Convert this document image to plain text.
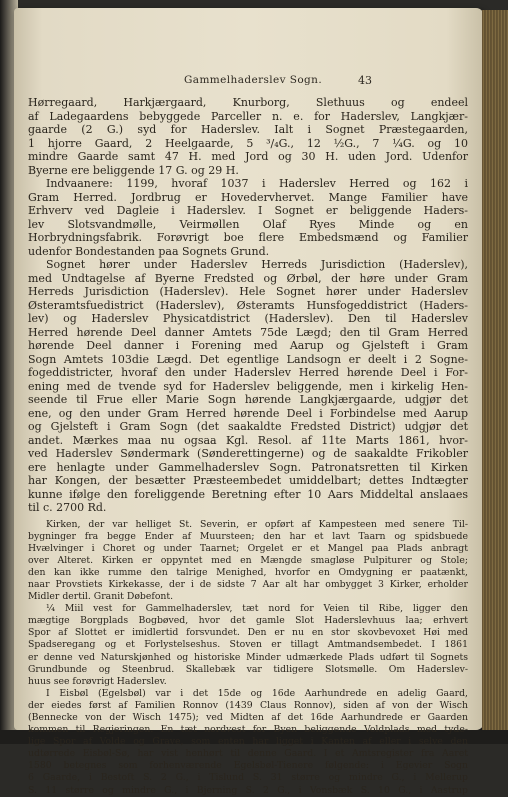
Gammelhaderslev Sogn.	43
Hørregaard, Harkjærgaard, Knurborg, Slethuus og endeel
af Ladegaardens bebyggede Parceller n. e. for Haderslev, Langkjær-
gaarde (2 G.) syd for Haderslev. Ialt i Sognet Præstegaarden,
1 hjorre Gaard, 2 Heelgaarde, 5 ³/₄G., 12 ½G., 7 ¼G. og 10
mindre Gaarde samt 47 H. med Jord og 30 H. uden Jord. Udenfor
Byerne ere beliggende 17 G. og 29 H.
Indvaanere: 1199, hvoraf 1037 i Haderslev Herred og 162 i
Gram Herred. Jordbrug er Hovedervhervet. Mange Familier have
Erhverv ved Dagleie i Haderslev. I Sognet er beliggende Haders-
lev Slotsvandmølle, Veirmøllen Olaf Ryes Minde og en
Horbrydningsfabrik. Forøvrigt boe flere Embedsmænd og Familier
udenfor Bondestanden paa Sognets Grund.
Sognet hører under Haderslev Herreds Jurisdiction (Haderslev),
med Undtagelse af Byerne Fredsted og Ørbøl, der høre under Gram
Herreds Jurisdiction (Haderslev). Hele Sognet hører under Haderslev
Østeramtsfuedistrict (Haderslev), Østeramts Hunsfogeddistrict (Haders-
lev) og Haderslev Physicatdistrict (Haderslev). Den til Haderslev
Herred hørende Deel danner Amtets 75de Lægd; den til Gram Herred
hørende Deel danner i Forening med Aarup og Gjelsteft i Gram
Sogn Amtets 103die Lægd. Det egentlige Landsogn er deelt i 2 Sogne-
fogeddistricter, hvoraf den under Haderslev Herred hørende Deel i For-
ening med de tvende syd for Haderslev beliggende, men i kirkelig Hen-
seende til Frue eller Marie Sogn hørende Langkjærgaarde, udgjør det
ene, og den under Gram Herred hørende Deel i Forbindelse med Aarup
og Gjelsteft i Gram Sogn (det saakaldte Fredsted District) udgjør det
andet. Mærkes maa nu ogsaa Kgl. Resol. af 11te Marts 1861, hvor-
ved Haderslev Søndermark (Sønderettingerne) og de saakaldte Frikobler
ere henlagte under Gammelhaderslev Sogn. Patronatsretten til Kirken
har Kongen, der besætter Præsteembedet umiddelbart; dettes Indtægter
kunne ifølge den foreliggende Beretning efter 10 Aars Middeltal anslaaes
til c. 2700 Rd.
Kirken, der var helliget St. Severin, er opført af Kampesteen med senere Til-
bygninger fra begge Ender af Muursteen; den har et lavt Taarn og spidsbuede
Hvælvinger i Choret og under Taarnet; Orgelet er et Mangel paa Plads anbragt
over Alteret. Kirken er oppyntet med en Mængde smagløse Pulpiturer og Stole;
den kan ikke rumme den talrige Menighed, hvorfor en Omdygning er paatænkt,
naar Provstiets Kirkekasse, der i de sidste 7 Aar alt har ombygget 3 Kirker, erholder
Midler dertil. Granit Døbefont.
¼ Miil vest for Gammelhaderslev, tæt nord for Veien til Ribe, ligger den
mægtige Borgplads Bogbøved, hvor det gamle Slot Haderslevhuus laa; erhvert
Spor af Slottet er imidlertid forsvundet. Den er nu en stor skovbevoxet Høi med
Spadseregang og et Forlystelseshus. Stoven er tillagt Amtmandsembedet. I 1861
er denne ved Naturskjønhed og historiske Minder udmærkede Plads udført til Sognets
Grundbunde og Steenbrud. Skallebæk var tidligere Slotsmølle. Om Haderslev-
huus see forøvrigt Haderslev.
I Eisbøl (Egelsbøl) var i det 15de og 16de Aarhundrede en adelig Gaard,
der eiedes først af Familien Ronnov (1439 Claus Ronnov), siden af von der Wisch
(Bennecke von der Wisch 1475); ved Midten af det 16de Aarhundrede er Gaarden
kommen til Regjeringen. En tæt nordvest for Byen beliggende Voldplads med tyde-
lige Spor af Volde og Grave, som enten har ligget i Kanten af eller i selve den
udtørrede Eisbøl-Sø, har vist henhørt til denne Gaard. I et Amtsregister fra Aaret
1580 betegnes som forhenværende Egelsbøl-Tienere følgende: i Egevier Sogn
6 Gaarde, i Bestoft S. 2 G., i Tislund S. 31 større og mindre G., i Mellerup
S. 11 større og mindre G., i Bjerning S. 2 G., i Vonsbæk S. 10 G., i Aastrup
